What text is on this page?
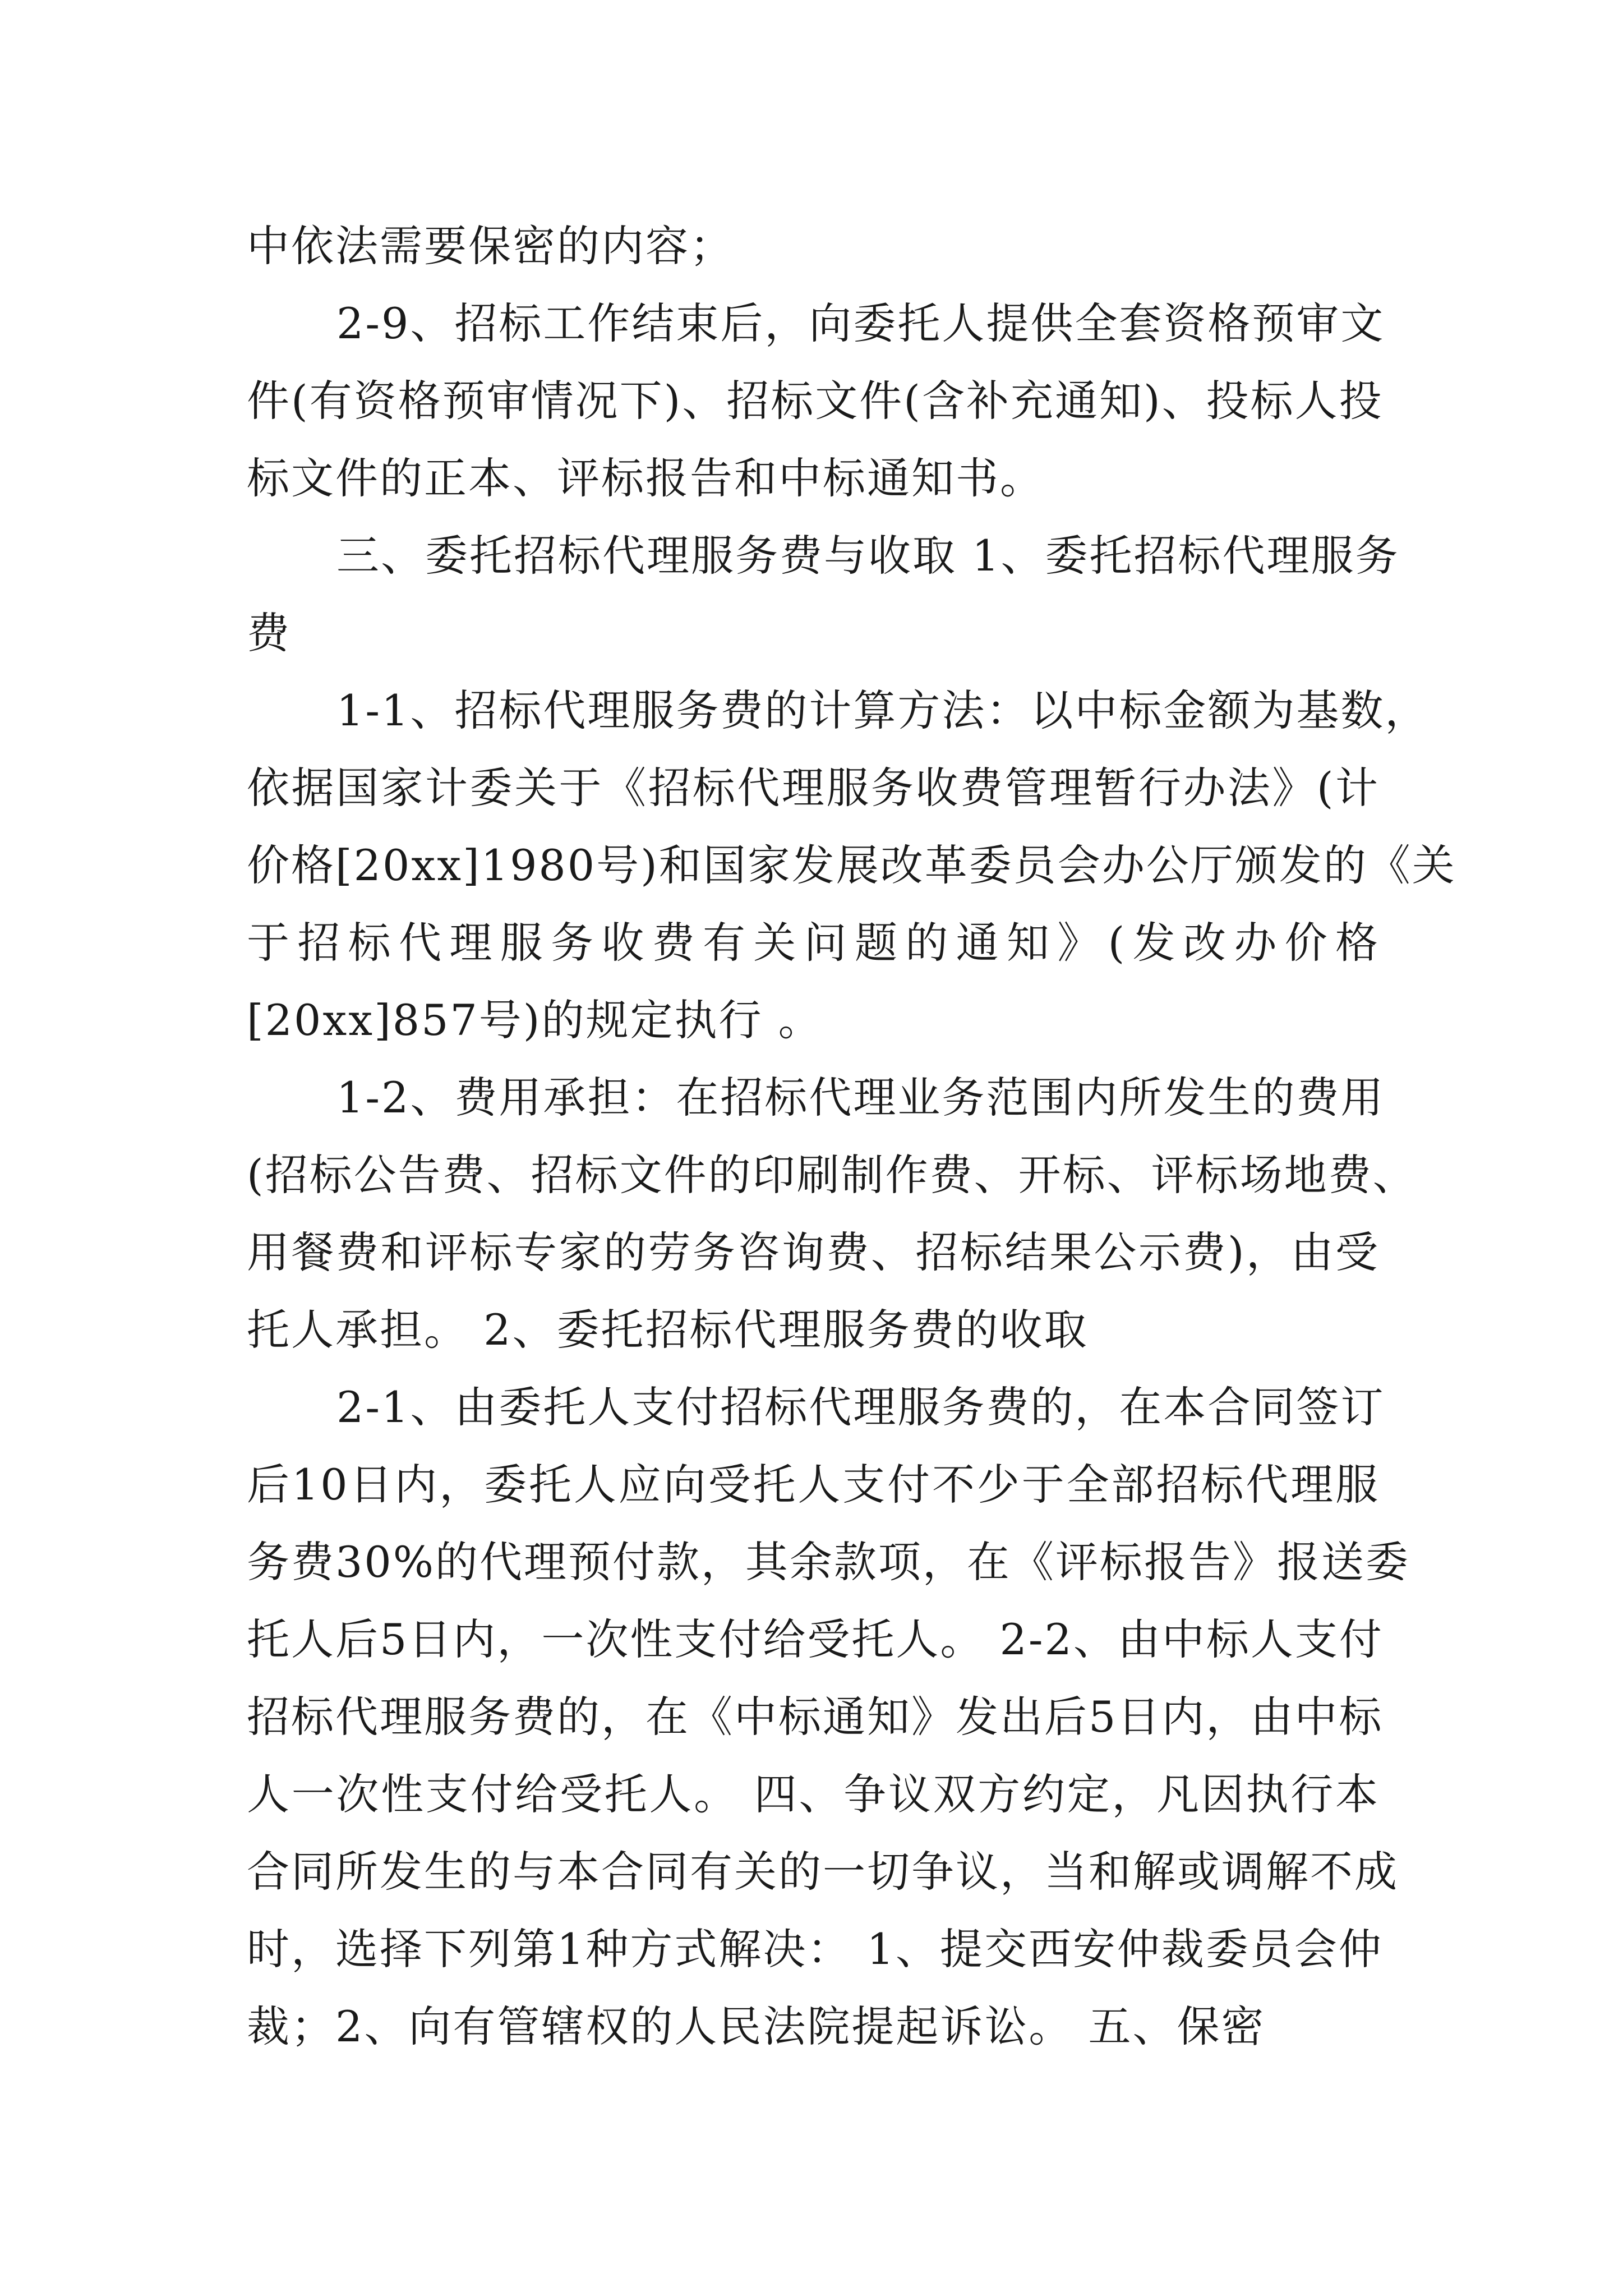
中依法需要保密的内容；
2-9、招标工作结束后，向委托人提供全套资格预审文
件(有资格预审情况下)、招标文件(含补充通知)、投标人投
标文件的正本、评标报告和中标通知书。
三、委托招标代理服务费与收取 1、委托招标代理服务
费
1-1、招标代理服务费的计算方法：以中标金额为基数，
依据国家计委关于《招标代理服务收费管理暂行办法》(计
价格[20xx]1980号)和国家发展改革委员会办公厅颁发的《关
于招标代理服务收费有关问题的通知》(发改办价格
[20xx]857号)的规定执行 。
1-2、费用承担：在招标代理业务范围内所发生的费用
(招标公告费、招标文件的印刷制作费、开标、评标场地费、
用餐费和评标专家的劳务咨询费、招标结果公示费)，由受
托人承担。 2、委托招标代理服务费的收取
2-1、由委托人支付招标代理服务费的，在本合同签订
后10日内，委托人应向受托人支付不少于全部招标代理服
务费30%的代理预付款，其余款项，在《评标报告》报送委
托人后5日内，一次性支付给受托人。 2-2、由中标人支付
招标代理服务费的，在《中标通知》发出后5日内，由中标
人一次性支付给受托人。 四、争议双方约定，凡因执行本
合同所发生的与本合同有关的一切争议，当和解或调解不成
时，选择下列第1种方式解决： 1、提交西安仲裁委员会仲
裁；2、向有管辖权的人民法院提起诉讼。 五、保密
